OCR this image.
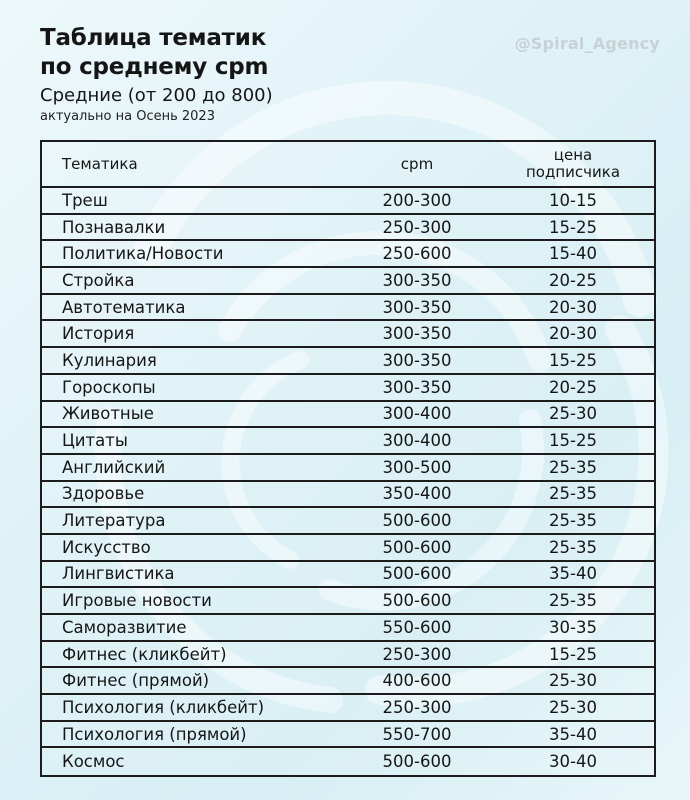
Таблица тематик
по среднему cpm
Средние (от 200 до 800)
актуально на Осень 2023
@Spiral_Agency
Тематика	cpm	цена
подписчика
Треш	200-300	10-15
Познавалки	250-300	15-25
Политика/Новости	250-600	15-40
Стройка	300-350	20-25
Автотематика	300-350	20-30
История	300-350	20-30
Кулинария	300-350	15-25
Гороскопы	300-350	20-25
Животные	300-400	25-30
Цитаты	300-400	15-25
Английский	300-500	25-35
Здоровье	350-400	25-35
Литература	500-600	25-35
Искусство	500-600	25-35
Лингвистика	500-600	35-40
Игровые новости	500-600	25-35
Саморазвитие	550-600	30-35
Фитнес (кликбейт)	250-300	15-25
Фитнес (прямой)	400-600	25-30
Психология (кликбейт)	250-300	25-30
Психология (прямой)	550-700	35-40
Космос	500-600	30-40
